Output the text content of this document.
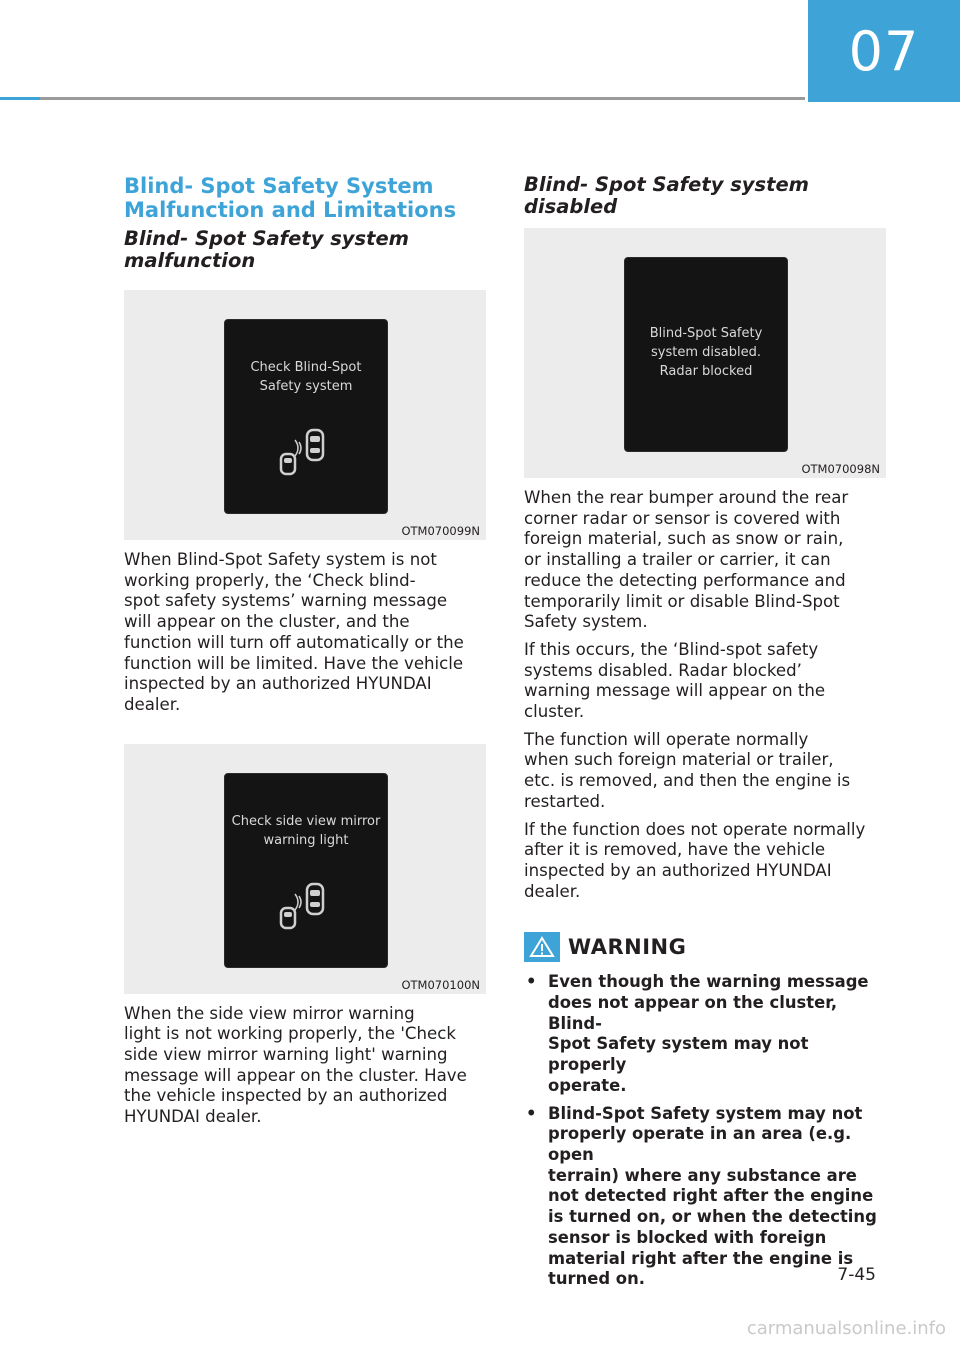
07
Blind- Spot Safety System
Malfunction and Limitations
Blind- Spot Safety system
malfunction
Check Blind-Spot
Safety system
OTM070099N

When Blind-Spot Safety system is not
working properly, the ‘Check blind-
spot safety systems’ warning message
will appear on the cluster, and the
function will turn off automatically or the
function will be limited. Have the vehicle
inspected by an authorized HYUNDAI
dealer.

Check side view mirror
warning light
OTM070100N

When the side view mirror warning
light is not working properly, the 'Check
side view mirror warning light' warning
message will appear on the cluster. Have
the vehicle inspected by an authorized
HYUNDAI dealer.

Blind- Spot Safety system disabled
Blind-Spot Safety
system disabled.
Radar blocked
OTM070098N

When the rear bumper around the rear
corner radar or sensor is covered with
foreign material, such as snow or rain,
or installing a trailer or carrier, it can
reduce the detecting performance and
temporarily limit or disable Blind-Spot
Safety system.

If this occurs, the ‘Blind-spot safety
systems disabled. Radar blocked’
warning message will appear on the
cluster.

The function will operate normally
when such foreign material or trailer,
etc. is removed, and then the engine is
restarted.

If the function does not operate normally
after it is removed, have the vehicle
inspected by an authorized HYUNDAI
dealer.

WARNING
• Even though the warning message
does not appear on the cluster, Blind-
Spot Safety system may not properly
operate.
• Blind-Spot Safety system may not
properly operate in an area (e.g. open
terrain) where any substance are
not detected right after the engine
is turned on, or when the detecting
sensor is blocked with foreign
material right after the engine is
turned on.	7-45
carmanualsonline.info
